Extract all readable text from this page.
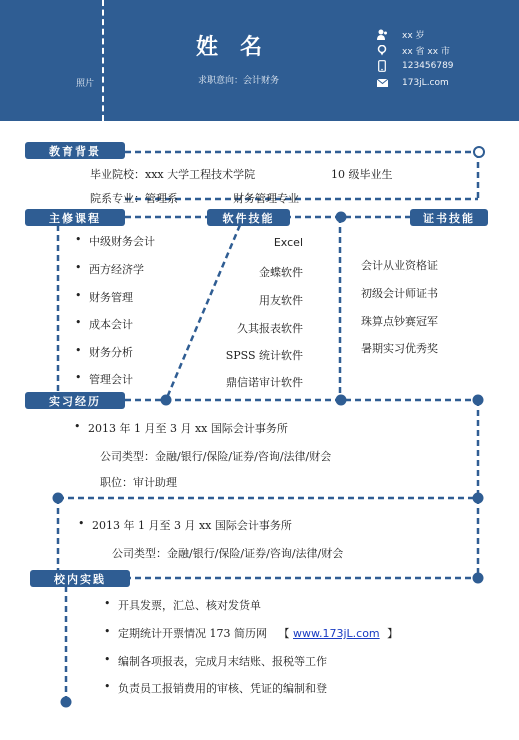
照片
姓名
求职意向：会计财务
xx 岁
xx 省 xx 市
123456789
173jL.com
教育背景
主修课程	软件技能	证书技能
实习经历
校内实践
毕业院校：xxx 大学工程技术学院	10 级毕业生
院系专业：管理系	财务管理专业
• 中级财务会计
• 西方经济学
• 财务管理
• 成本会计
• 财务分析
• 管理会计
Excel
金蝶软件
用友软件
久其报表软件
SPSS 统计软件
鼎信诺审计软件
会计从业资格证
初级会计师证书
珠算点钞赛冠军
暑期实习优秀奖
• 2013 年 1 月至 3 月 xx 国际会计事务所
公司类型：金融/银行/保险/证券/咨询/法律/财会
职位：审计助理
• 2013 年 1 月至 3 月 xx 国际会计事务所
公司类型：金融/银行/保险/证券/咨询/法律/财会
• 开具发票，汇总、核对发货单
• 定期统计开票情况 173 简历网 【 www.173jL.com 】
• 编制各项报表，完成月末结账、报税等工作
• 负责员工报销费用的审核、凭证的编制和登
